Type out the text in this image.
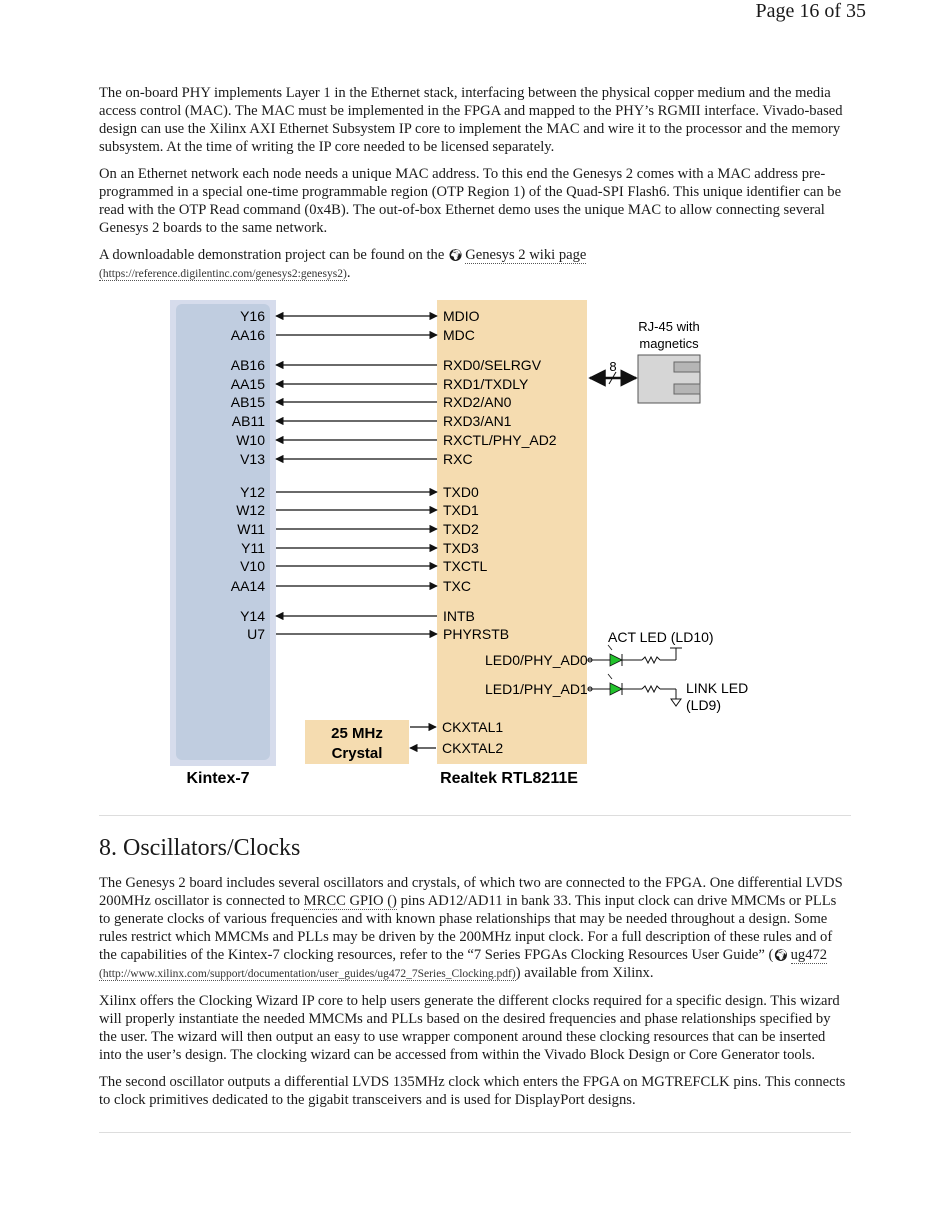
Page 16 of 35

The on-board PHY implements Layer 1 in the Ethernet stack, interfacing between the physical copper medium and the media access control (MAC). The MAC must be implemented in the FPGA and mapped to the PHY’s RGMII interface. Vivado-based design can use the Xilinx AXI Ethernet Subsystem IP core to implement the MAC and wire it to the processor and the memory subsystem. At the time of writing the IP core needed to be licensed separately.

On an Ethernet network each node needs a unique MAC address. To this end the Genesys 2 comes with a MAC address pre-programmed in a special one-time programmable region (OTP Region 1) of the Quad-SPI Flash6. This unique identifier can be read with the OTP Read command (0x4B). The out-of-box Ethernet demo uses the unique MAC to allow connecting several Genesys 2 boards to the same network.

A downloadable demonstration project can be found on the 🌍︎ Genesys 2 wiki page
(https://reference.digilentinc.com/genesys2:genesys2).

Kintex-7	Realtek RTL8211E
Y16	MDIO
AA16	MDC
AB16	RXD0/SELRGV
AA15	RXD1/TXDLY
AB15	RXD2/AN0
AB11	RXD3/AN1
W10	RXCTL/PHY_AD2
V13	RXC
Y12	TXD0
W12	TXD1
W11	TXD2
Y11	TXD3
V10	TXCTL
AA14	TXC
Y14	INTB
U7	PHYRSTB
25 MHz
Crystal
CKXTAL1
CKXTAL2
RJ-45 with
magnetics
8
LED0/PHY_AD0
LED1/PHY_AD1
ACT LED (LD10)
LINK LED
(LD9)
8. Oscillators/Clocks

The Genesys 2 board includes several oscillators and crystals, of which two are connected to the FPGA. One differential LVDS 200MHz oscillator is connected to MRCC GPIO () pins AD12/AD11 in bank 33. This input clock can drive MMCMs or PLLs to generate clocks of various frequencies and with known phase relationships that may be needed throughout a design. Some rules restrict which MMCMs and PLLs may be driven by the 200MHz input clock. For a full description of these rules and of the capabilities of the Kintex-7 clocking resources, refer to the “7 Series FPGAs Clocking Resources User Guide” (🌍︎ ug472
(http://www.xilinx.com/support/documentation/user_guides/ug472_7Series_Clocking.pdf)) available from Xilinx.

Xilinx offers the Clocking Wizard IP core to help users generate the different clocks required for a specific design. This wizard will properly instantiate the needed MMCMs and PLLs based on the desired frequencies and phase relationships specified by the user. The wizard will then output an easy to use wrapper component around these clocking resources that can be inserted into the user’s design. The clocking wizard can be accessed from within the Vivado Block Design or Core Generator tools.

The second oscillator outputs a differential LVDS 135MHz clock which enters the FPGA on MGTREFCLK pins. This connects to clock primitives dedicated to the gigabit transceivers and is used for DisplayPort designs.
